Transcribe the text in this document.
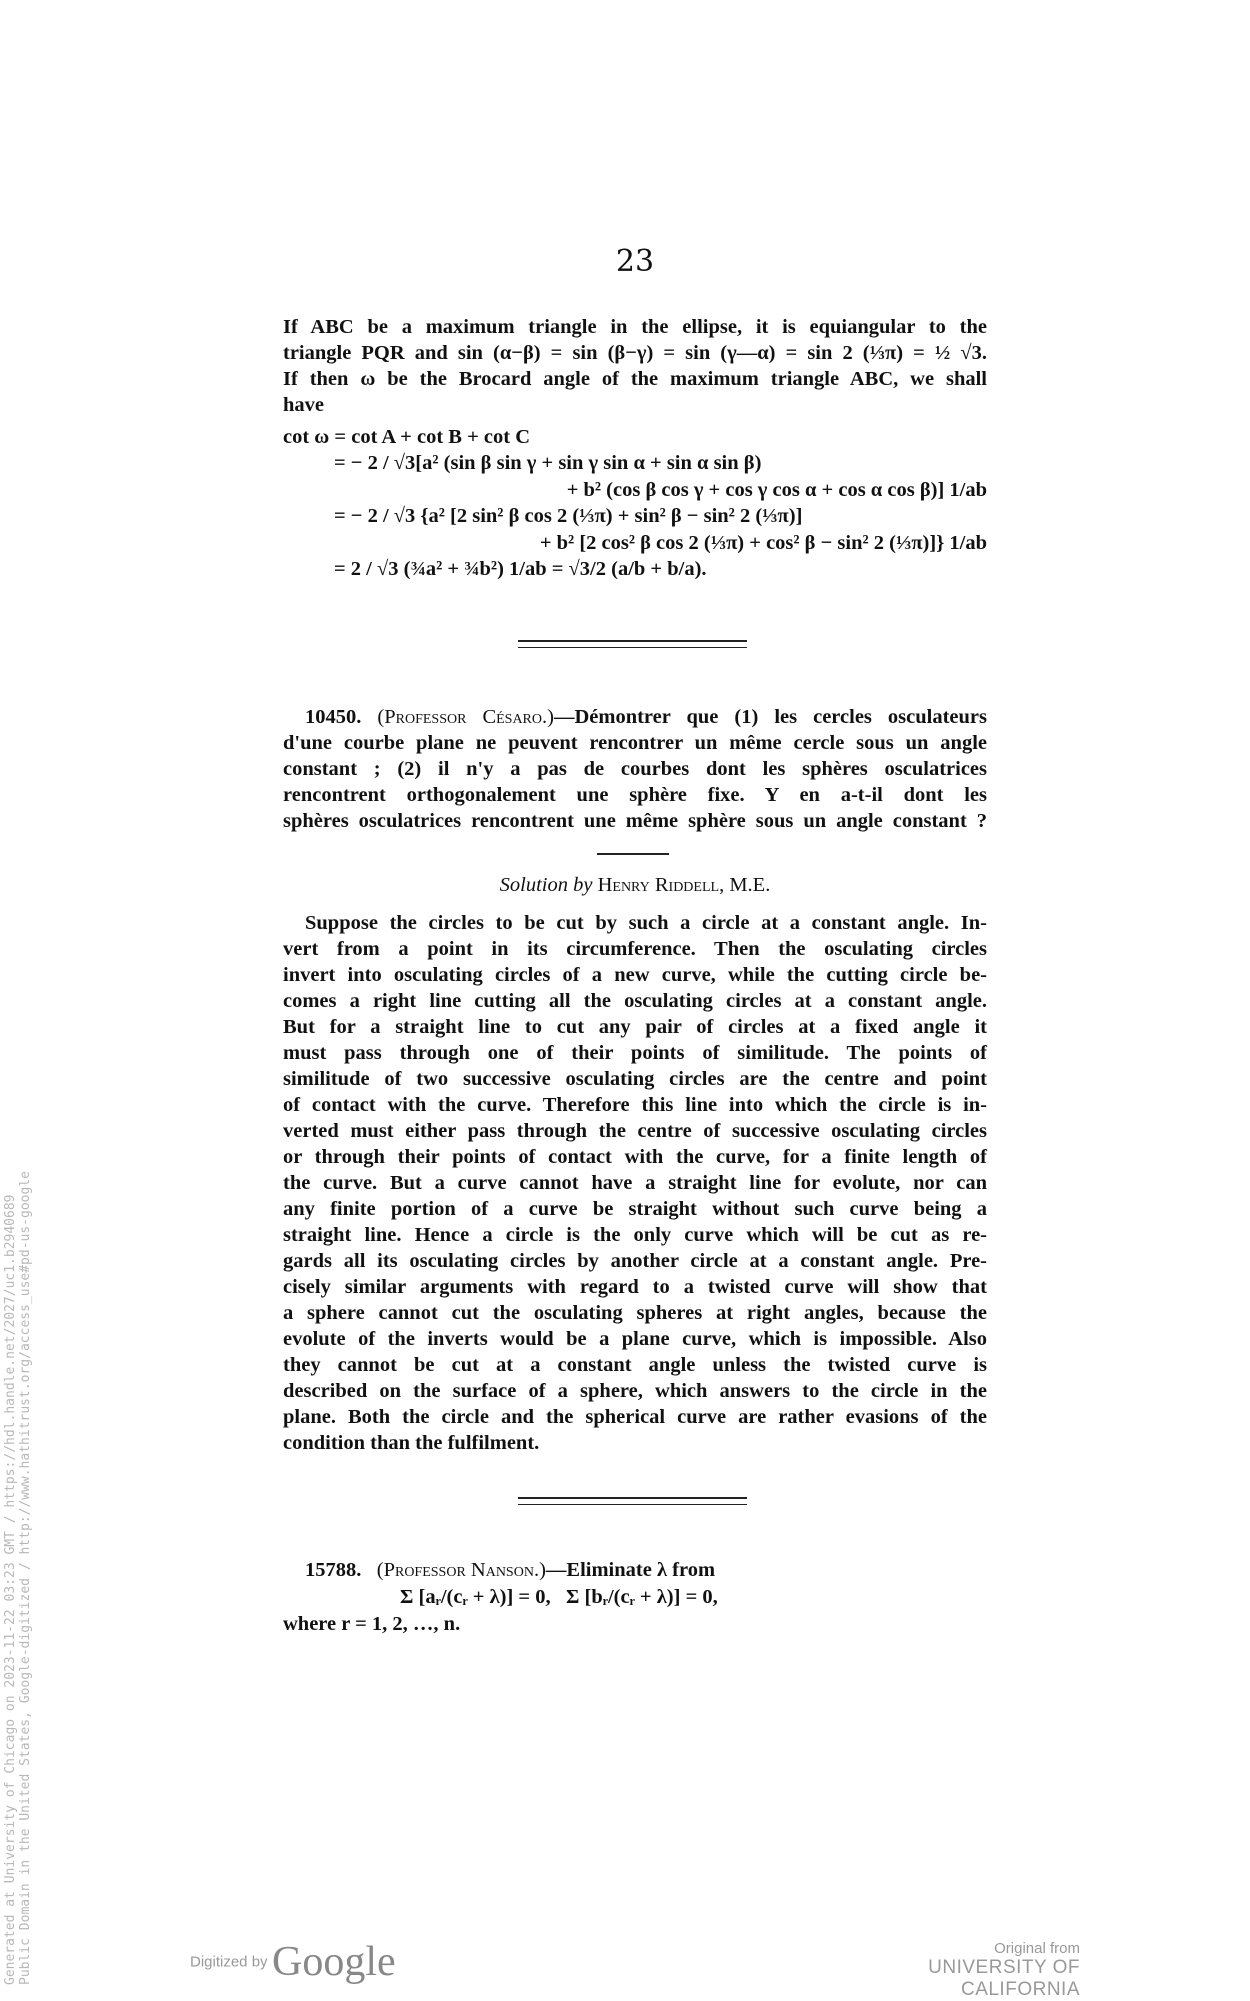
23
If ABC be a maximum triangle in the ellipse, it is equiangular to the
triangle PQR and sin (α−β) = sin (β−γ) = sin (γ—α) = sin 2 (⅓π) = ½ √3.
If then ω be the Brocard angle of the maximum triangle ABC, we shall
have
cot ω = cot A + cot B + cot C
= − 2 / √3[a² (sin β sin γ + sin γ sin α + sin α sin β)
+ b² (cos β cos γ + cos γ cos α + cos α cos β)] 1/ab
= − 2 / √3 {a² [2 sin² β cos 2 (⅓π) + sin² β − sin² 2 (⅓π)]
+ b² [2 cos² β cos 2 (⅓π) + cos² β − sin² 2 (⅓π)]} 1/ab
= 2 / √3 (¾a² + ¾b²) 1/ab = √3/2 (a/b + b/a).
10450. (Professor Césaro.)—Démontrer que (1) les cercles osculateurs
d'une courbe plane ne peuvent rencontrer un même cercle sous un angle
constant ; (2) il n'y a pas de courbes dont les sphères osculatrices
rencontrent orthogonalement une sphère fixe. Y en a-t-il dont les
sphères osculatrices rencontrent une même sphère sous un angle constant ?
Solution by Henry Riddell, M.E.
Suppose the circles to be cut by such a circle at a constant angle. In-
vert from a point in its circumference. Then the osculating circles
invert into osculating circles of a new curve, while the cutting circle be-
comes a right line cutting all the osculating circles at a constant angle.
But for a straight line to cut any pair of circles at a fixed angle it
must pass through one of their points of similitude. The points of
similitude of two successive osculating circles are the centre and point
of contact with the curve. Therefore this line into which the circle is in-
verted must either pass through the centre of successive osculating circles
or through their points of contact with the curve, for a finite length of
the curve. But a curve cannot have a straight line for evolute, nor can
any finite portion of a curve be straight without such curve being a
straight line. Hence a circle is the only curve which will be cut as re-
gards all its osculating circles by another circle at a constant angle. Pre-
cisely similar arguments with regard to a twisted curve will show that
a sphere cannot cut the osculating spheres at right angles, because the
evolute of the inverts would be a plane curve, which is impossible. Also
they cannot be cut at a constant angle unless the twisted curve is
described on the surface of a sphere, which answers to the circle in the
plane. Both the circle and the spherical curve are rather evasions of the
condition than the fulfilment.
15788. (Professor Nanson.)—Eliminate λ from
Σ [aᵣ/(cᵣ + λ)] = 0,   Σ [bᵣ/(cᵣ + λ)] = 0,
where r = 1, 2, …, n.
Generated at University of Chicago on 2023-11-22 03:23 GMT / https://hdl.handle.net/2027/uc1.b2940689 Public Domain in the United States, Google-digitized / http://www.hathitrust.org/access_use#pd-us-google	Digitized by Google	Original from
UNIVERSITY OF CALIFORNIA
